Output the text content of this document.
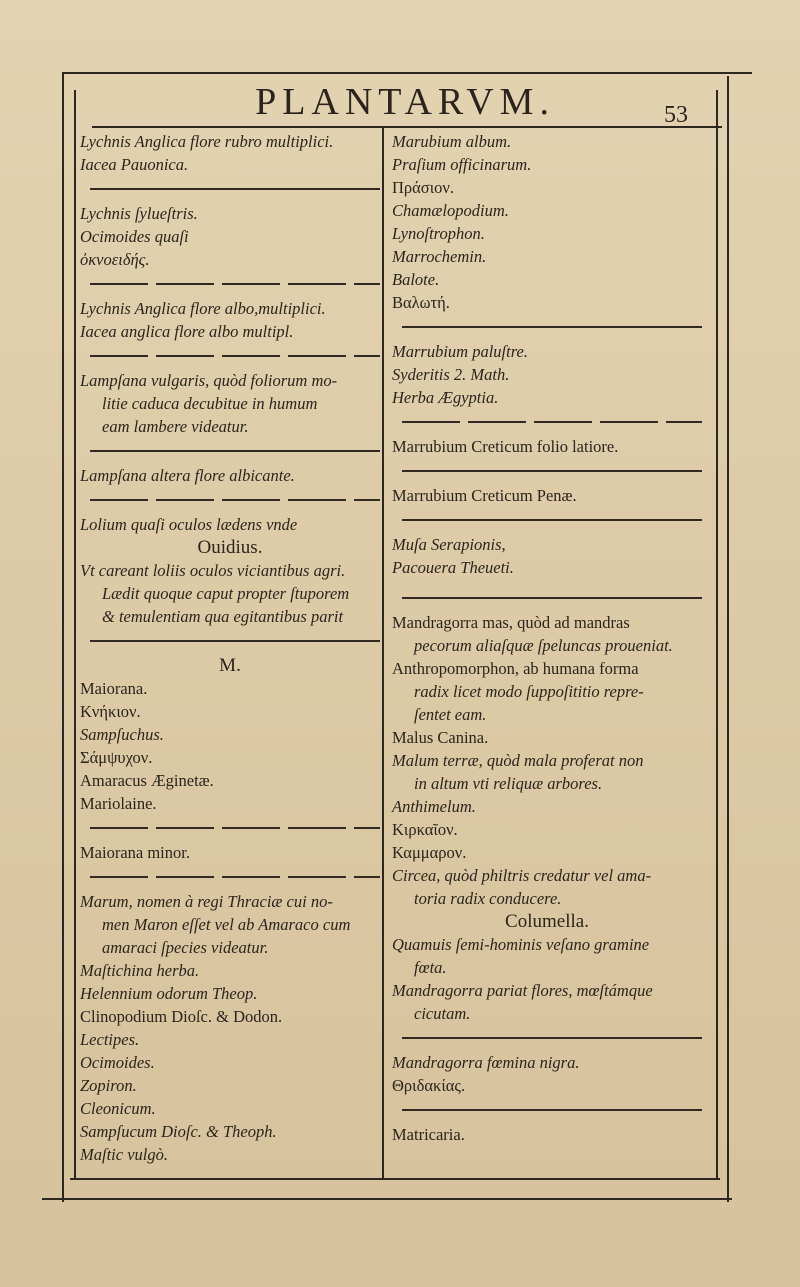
PLANTARVM.	53
Lychnis Anglica flore rubro multiplici.
Iacea Pauonica.
Lychnis ſylueſtris.
Ocimoides quaſi
ὀκνοειδής.
Lychnis Anglica flore albo,multiplici.
Iacea anglica flore albo multipl.
Lampſana vulgaris, quòd foliorum mo-
litie caduca decubitue in humum
eam lambere videatur.
Lampſana altera flore albicante.
Lolium quaſi oculos lædens vnde
Ouidius.
Vt careant loliis oculos viciantibus agri.
Lædit quoque caput propter ſtuporem
& temulentiam qua egitantibus parit
M.
Maiorana.
Κνήκιον.
Sampſuchus.
Σάμψυχον.
Amaracus Æginetæ.
Mariolaine.
Maiorana minor.
Marum, nomen à regi Thraciæ cui no-
men Maron eſſet vel ab Amaraco cum
amaraci ſpecies videatur.
Maſtichina herba.
Helennium odorum Theop.
Clinopodium Dioſc. & Dodon.
Lectipes.
Ocimoides.
Zopiron.
Cleonicum.
Sampſucum Dioſc. & Theoph.
Maſtic vulgò.
Marubium album.
Praſium officinarum.
Πράσιον.
Chamælopodium.
Lynoſtrophon.
Marrochemin.
Balote.
Βαλωτή.
Marrubium paluſtre.
Syderitis 2. Math.
Herba Ægyptia.
Marrubium Creticum folio latiore.
Marrubium Creticum Penæ.
Muſa Serapionis,
Pacouera Theueti.
Mandragorra mas, quòd ad mandras
pecorum aliaſquæ ſpeluncas proueniat.
Anthropomorphon, ab humana forma
radix licet modo ſuppoſititio repre-
ſentet eam.
Malus Canina.
Malum terræ, quòd mala proferat non
in altum vti reliquæ arbores.
Anthimelum.
Κιρκαῖον.
Καμμαρον.
Circea, quòd philtris credatur vel ama-
toria radix conducere.
Columella.
Quamuis ſemi-hominis veſano gramine
fœta.
Mandragorra pariat flores, mœſtámque
cicutam.
Mandragorra fœmina nigra.
Θριδακίας.
Matricaria.
